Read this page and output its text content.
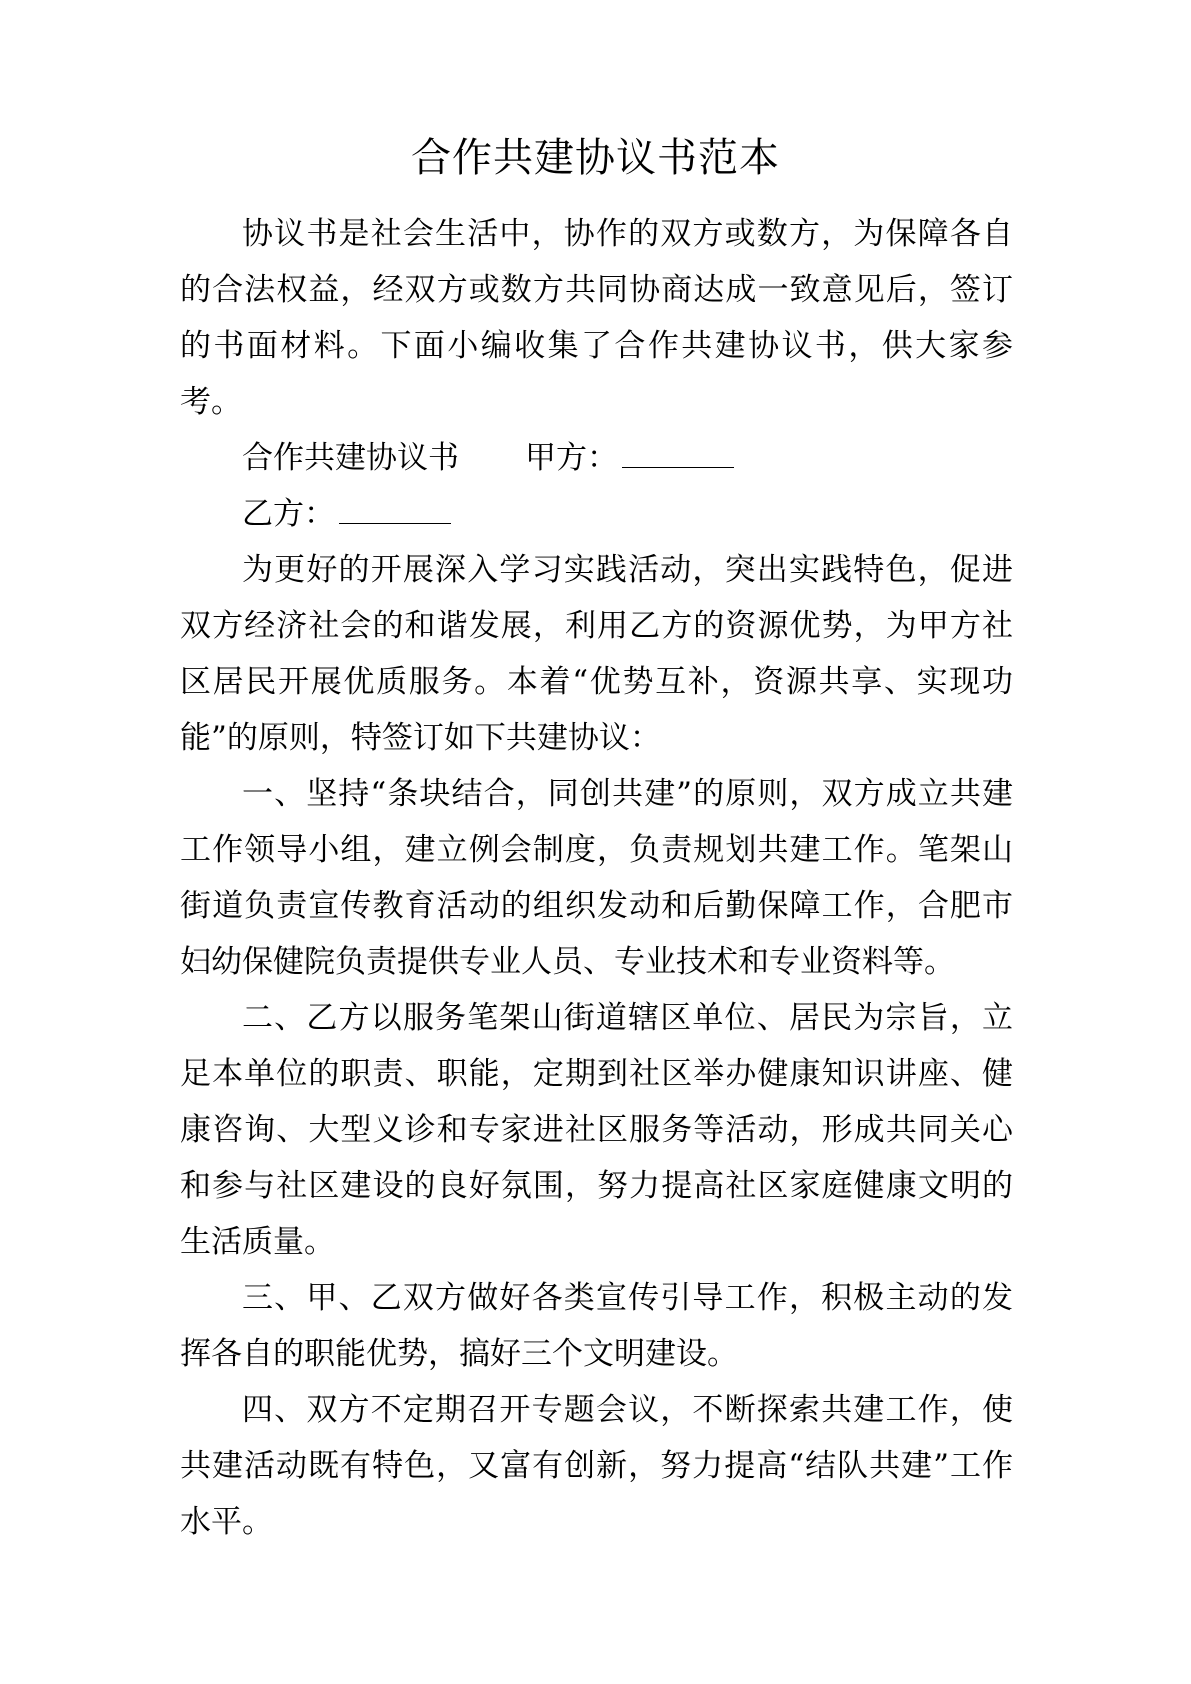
合作共建协议书范本

协议书是社会生活中，协作的双方或数方，为保障各自的合法权益，经双方或数方共同协商达成一致意见后，签订的书面材料。下面小编收集了合作共建协议书，供大家参考。

合作共建协议书 甲方：
乙方：

为更好的开展深入学习实践活动，突出实践特色，促进双方经济社会的和谐发展，利用乙方的资源优势，为甲方社区居民开展优质服务。本着“优势互补，资源共享、实现功能”的原则，特签订如下共建协议：

一、坚持“条块结合，同创共建”的原则，双方成立共建工作领导小组，建立例会制度，负责规划共建工作。笔架山街道负责宣传教育活动的组织发动和后勤保障工作，合肥市妇幼保健院负责提供专业人员、专业技术和专业资料等。

二、乙方以服务笔架山街道辖区单位、居民为宗旨，立足本单位的职责、职能，定期到社区举办健康知识讲座、健康咨询、大型义诊和专家进社区服务等活动，形成共同关心和参与社区建设的良好氛围，努力提高社区家庭健康文明的生活质量。

三、甲、乙双方做好各类宣传引导工作，积极主动的发挥各自的职能优势，搞好三个文明建设。

四、双方不定期召开专题会议，不断探索共建工作，使共建活动既有特色，又富有创新，努力提高“结队共建”工作水平。
